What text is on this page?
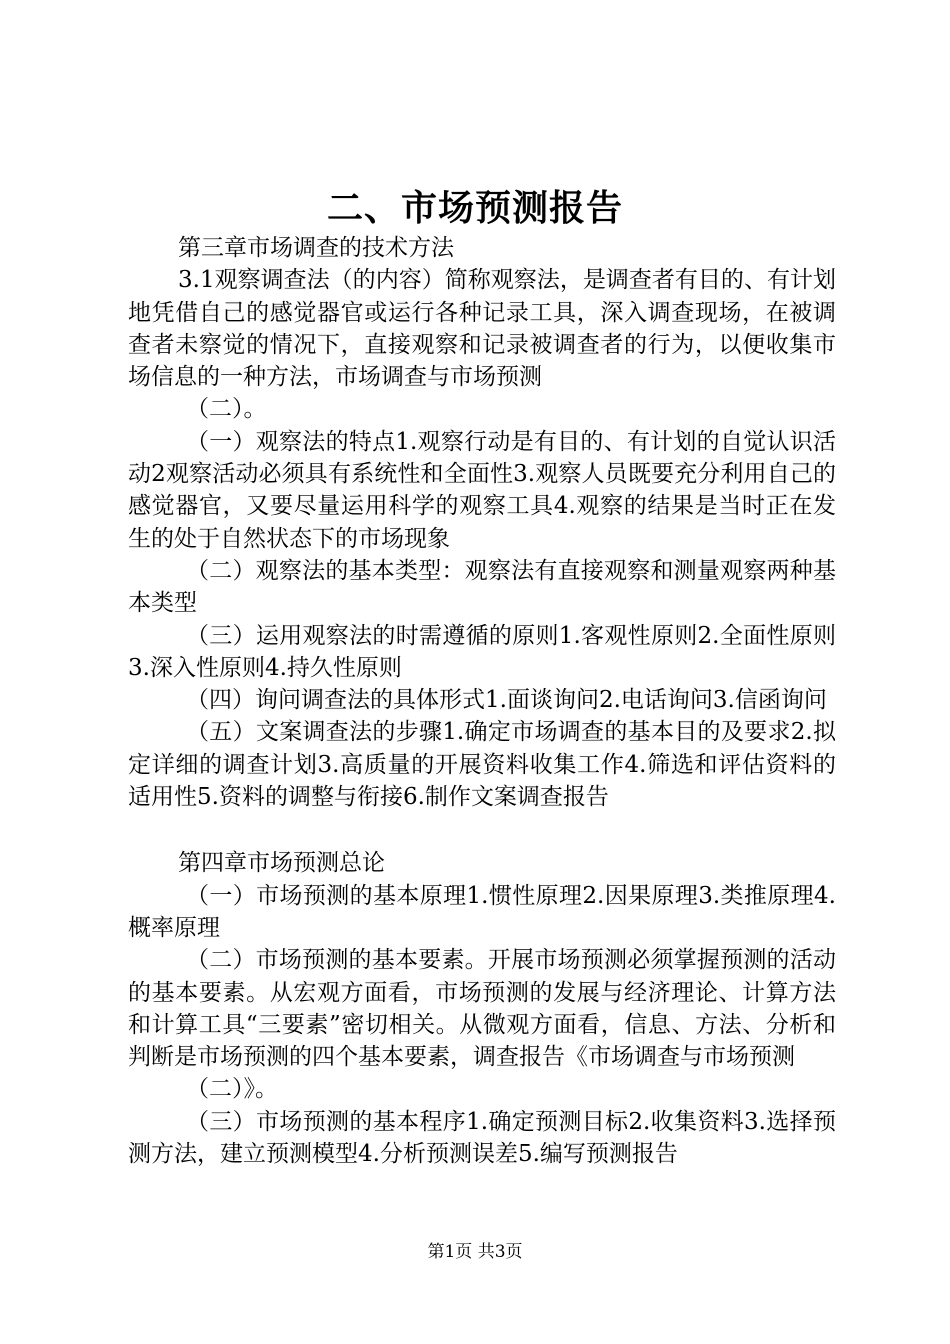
二、市场预测报告

第三章市场调查的技术方法

3.1观察调查法（的内容）简称观察法，是调查者有目的、有计划地凭借自己的感觉器官或运行各种记录工具，深入调查现场，在被调查者未察觉的情况下，直接观察和记录被调查者的行为，以便收集市场信息的一种方法，市场调查与市场预测

（二）。

（一）观察法的特点1.观察行动是有目的、有计划的自觉认识活动2观察活动必须具有系统性和全面性3.观察人员既要充分利用自己的感觉器官，又要尽量运用科学的观察工具4.观察的结果是当时正在发生的处于自然状态下的市场现象

（二）观察法的基本类型：观察法有直接观察和测量观察两种基本类型

（三）运用观察法的时需遵循的原则1.客观性原则2.全面性原则3.深入性原则4.持久性原则

（四）询问调查法的具体形式1.面谈询问2.电话询问3.信函询问

（五）文案调查法的步骤1.确定市场调查的基本目的及要求2.拟定详细的调查计划3.高质量的开展资料收集工作4.筛选和评估资料的适用性5.资料的调整与衔接6.制作文案调查报告

第四章市场预测总论

（一）市场预测的基本原理1.惯性原理2.因果原理3.类推原理4.概率原理

（二）市场预测的基本要素。开展市场预测必须掌握预测的活动的基本要素。从宏观方面看，市场预测的发展与经济理论、计算方法和计算工具“三要素”密切相关。从微观方面看，信息、方法、分析和判断是市场预测的四个基本要素，调查报告《市场调查与市场预测

（二）》。

（三）市场预测的基本程序1.确定预测目标2.收集资料3.选择预测方法，建立预测模型4.分析预测误差5.编写预测报告

第1页 共3页
